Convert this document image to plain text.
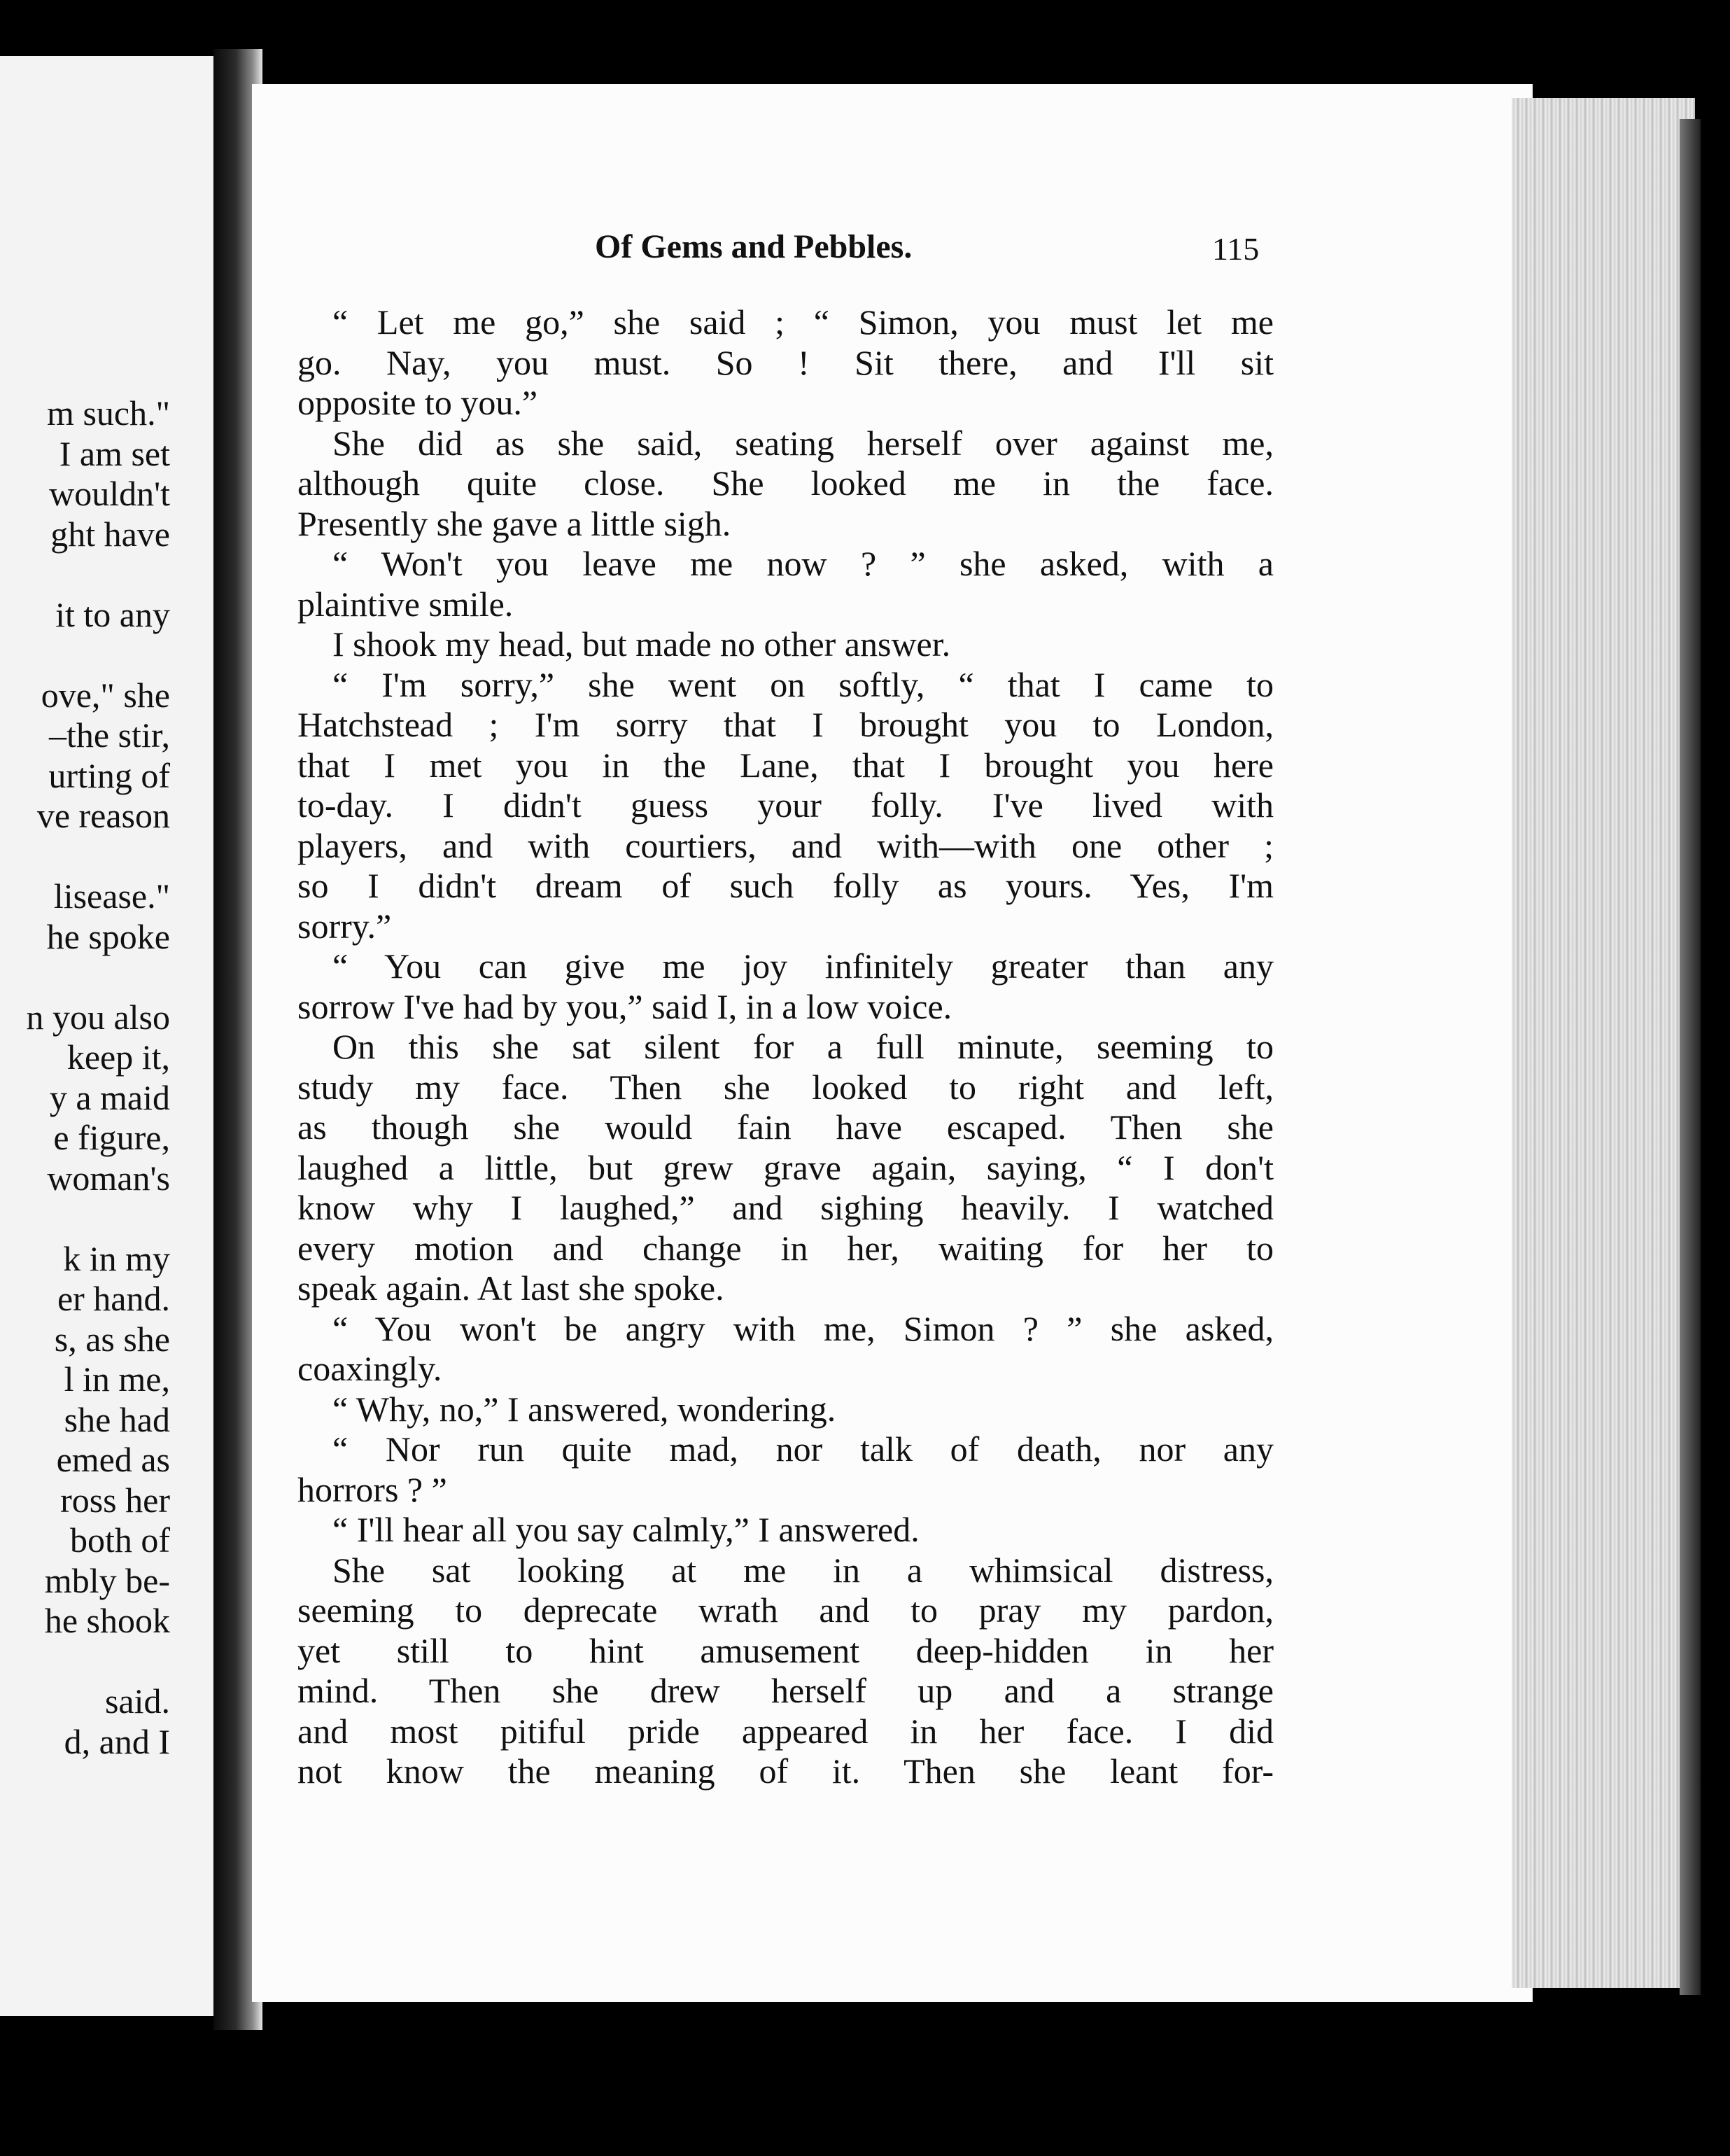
m such."
I am set
wouldn't
ght have
it to any
ove," she
–the stir,
urting of
ve reason
lisease."
he spoke
n you also
keep it,
y a maid
e figure,
woman's
k in my
er hand.
s, as she
l in me,
she had
emed as
ross her
both of
mbly be-
he shook
said.
d, and I
Of Gems and Pebbles.	115
“ Let me go,” she said ; “ Simon, you must let me
go. Nay, you must. So ! Sit there, and I'll sit
opposite to you.”
She did as she said, seating herself over against me,
although quite close. She looked me in the face.
Presently she gave a little sigh.
“ Won't you leave me now ? ” she asked, with a
plaintive smile.
I shook my head, but made no other answer.
“ I'm sorry,” she went on softly, “ that I came to
Hatchstead ; I'm sorry that I brought you to London,
that I met you in the Lane, that I brought you here
to-day. I didn't guess your folly. I've lived with
players, and with courtiers, and with—with one other ;
so I didn't dream of such folly as yours. Yes, I'm
sorry.”
“ You can give me joy infinitely greater than any
sorrow I've had by you,” said I, in a low voice.
On this she sat silent for a full minute, seeming to
study my face. Then she looked to right and left,
as though she would fain have escaped. Then she
laughed a little, but grew grave again, saying, “ I don't
know why I laughed,” and sighing heavily. I watched
every motion and change in her, waiting for her to
speak again. At last she spoke.
“ You won't be angry with me, Simon ? ” she asked,
coaxingly.
“ Why, no,” I answered, wondering.
“ Nor run quite mad, nor talk of death, nor any
horrors ? ”
“ I'll hear all you say calmly,” I answered.
She sat looking at me in a whimsical distress,
seeming to deprecate wrath and to pray my pardon,
yet still to hint amusement deep-hidden in her
mind. Then she drew herself up and a strange
and most pitiful pride appeared in her face. I did
not know the meaning of it. Then she leant for-
